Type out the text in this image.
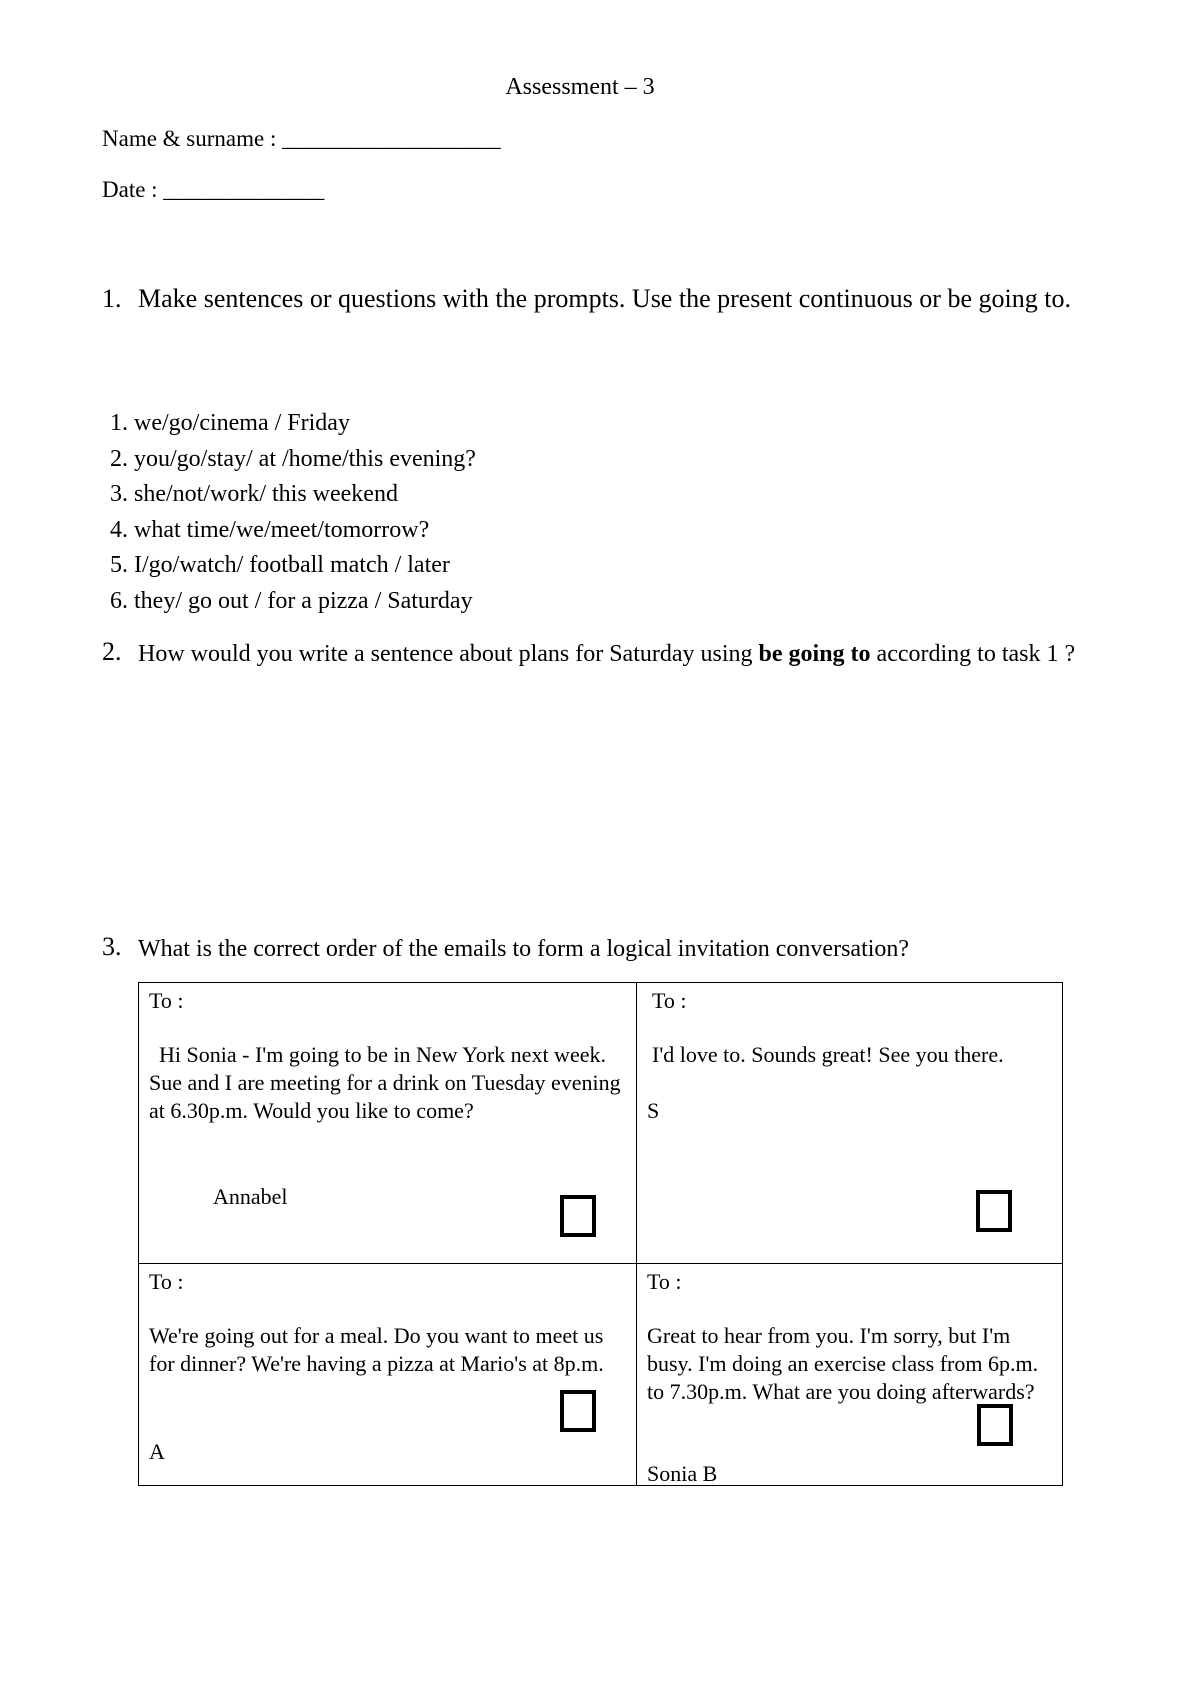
Assessment – 3
Name & surname : ___________________
Date : ______________
1. Make sentences or questions with the prompts. Use the present continuous or be going to.
1. we/go/cinema / Friday
2. you/go/stay/ at /home/this evening?
3. she/not/work/ this weekend
4. what time/we/meet/tomorrow?
5. I/go/watch/ football match / later
6. they/ go out / for a pizza / Saturday
2. How would you write a sentence about plans for Saturday using be going to according to task 1 ?
3. What is the correct order of the emails to form a logical invitation conversation?
To :
Hi Sonia - I'm going to be in New York next week. Sue and I are meeting for a drink on Tuesday evening at 6.30p.m. Would you like to come?
Annabel
To :
I'd love to. Sounds great! See you there.
S
To :
We're going out for a meal. Do you want to meet us for dinner? We're having a pizza at Mario's at 8p.m.
A
To :
Great to hear from you. I'm sorry, but I'm busy. I'm doing an exercise class from 6p.m. to 7.30p.m. What are you doing afterwards?
Sonia B
